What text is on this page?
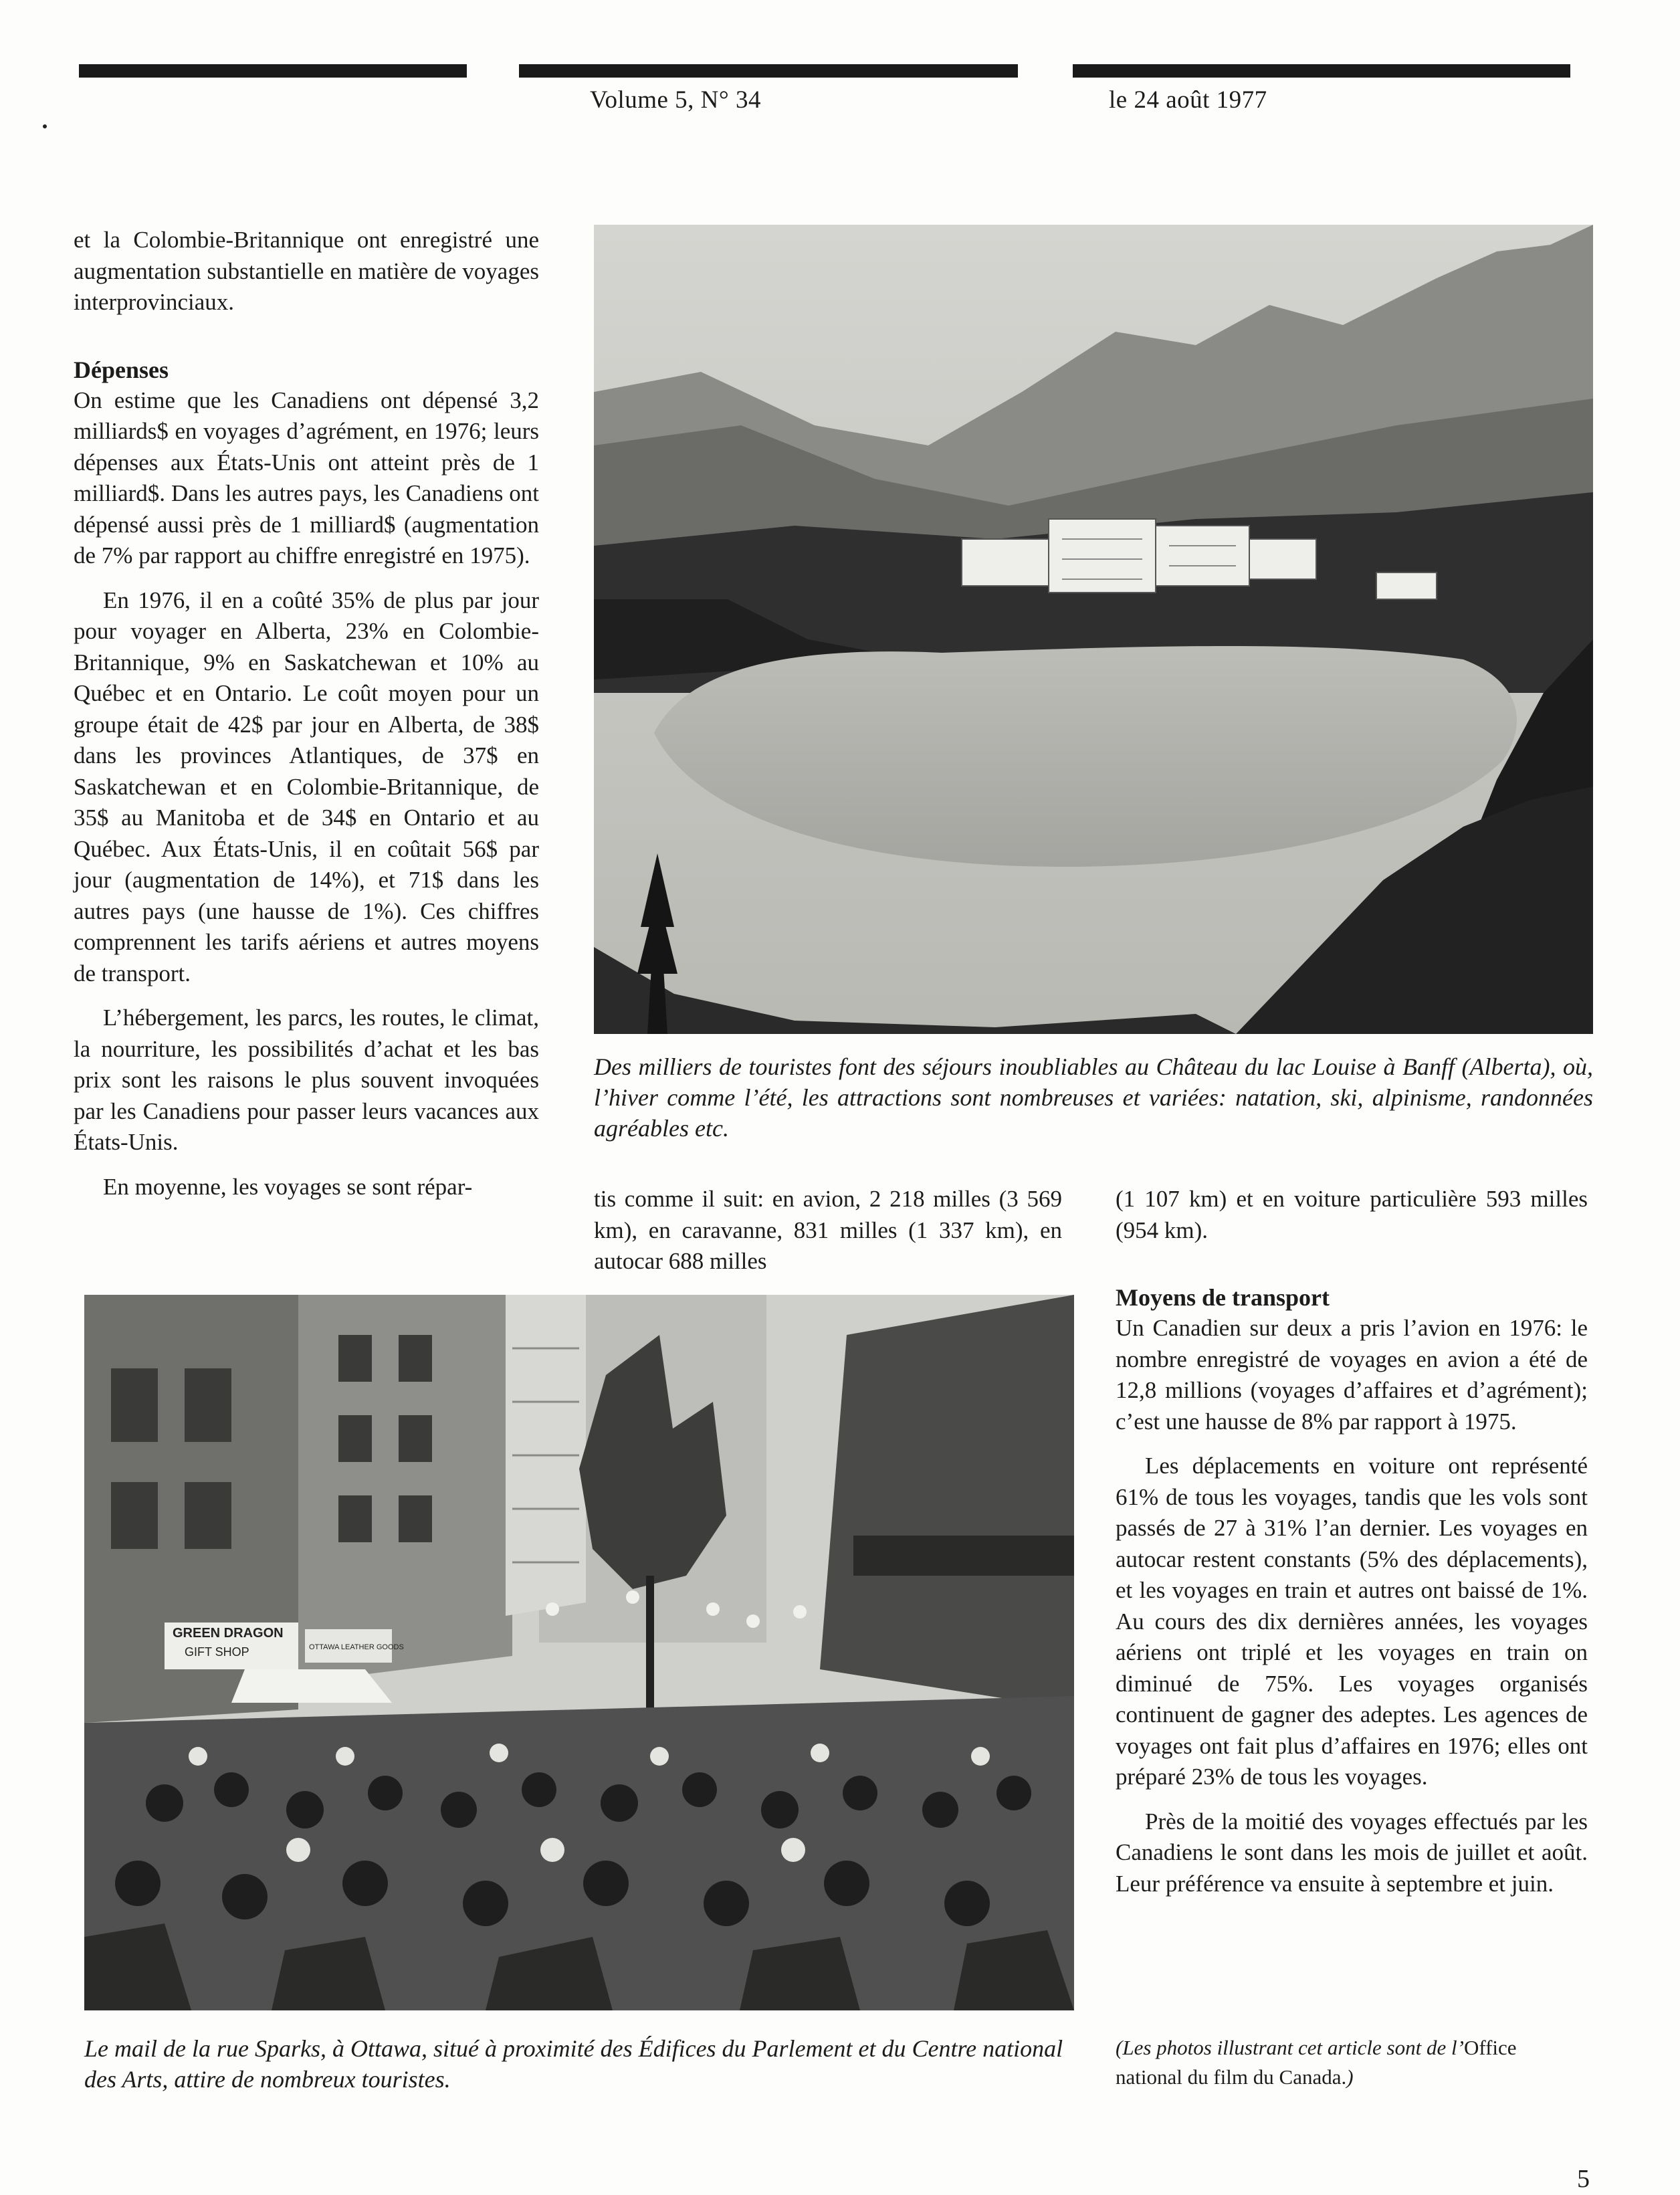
Volume 5, N° 34	le 24 août 1977

et la Colombie-Britannique ont enregistré une augmentation substantielle en matière de voyages interprovinciaux.

Dépenses

On estime que les Canadiens ont dépensé 3,2 milliards$ en voyages d’agrément, en 1976; leurs dépenses aux États-Unis ont atteint près de 1 milliard$. Dans les autres pays, les Canadiens ont dépensé aussi près de 1 milliard$ (augmentation de 7% par rapport au chiffre enregistré en 1975).

En 1976, il en a coûté 35% de plus par jour pour voyager en Alberta, 23% en Colombie-Britannique, 9% en Saskatchewan et 10% au Québec et en Ontario. Le coût moyen pour un groupe était de 42$ par jour en Alberta, de 38$ dans les provinces Atlantiques, de 37$ en Saskatchewan et en Colombie-Britannique, de 35$ au Manitoba et de 34$ en Ontario et au Québec. Aux États-Unis, il en coûtait 56$ par jour (augmentation de 14%), et 71$ dans les autres pays (une hausse de 1%). Ces chiffres comprennent les tarifs aériens et autres moyens de transport.

L’hébergement, les parcs, les routes, le climat, la nourriture, les possibilités d’achat et les bas prix sont les raisons le plus souvent invoquées par les Canadiens pour passer leurs vacances aux États-Unis.

En moyenne, les voyages se sont répar-

Des milliers de touristes font des séjours inoubliables au Château du lac Louise à Banff (Alberta), où, l’hiver comme l’été, les attractions sont nombreuses et variées: natation, ski, alpinisme, randonnées agréables etc.

tis comme il suit: en avion, 2 218 milles (3 569 km), en caravanne, 831 milles (1 337 km), en autocar 688 milles

(1 107 km) et en voiture particulière 593 milles (954 km).

Moyens de transport

Un Canadien sur deux a pris l’avion en 1976: le nombre enregistré de voyages en avion a été de 12,8 millions (voyages d’affaires et d’agrément); c’est une hausse de 8% par rapport à 1975.

Les déplacements en voiture ont représenté 61% de tous les voyages, tandis que les vols sont passés de 27 à 31% l’an dernier. Les voyages en autocar restent constants (5% des déplacements), et les voyages en train et autres ont baissé de 1%. Au cours des dix dernières années, les voyages aériens ont triplé et les voyages en train on diminué de 75%. Les voyages organisés continuent de gagner des adeptes. Les agences de voyages ont fait plus d’affaires en 1976; elles ont préparé 23% de tous les voyages.

Près de la moitié des voyages effectués par les Canadiens le sont dans les mois de juillet et août. Leur préférence va ensuite à septembre et juin.

GREEN DRAGON
GIFT SHOP	OTTAWA LEATHER GOODS
Le mail de la rue Sparks, à Ottawa, situé à proximité des Édifices du Parlement et du Centre national des Arts, attire de nombreux touristes.
(Les photos illustrant cet article sont de l’Office national du film du Canada.)
5
